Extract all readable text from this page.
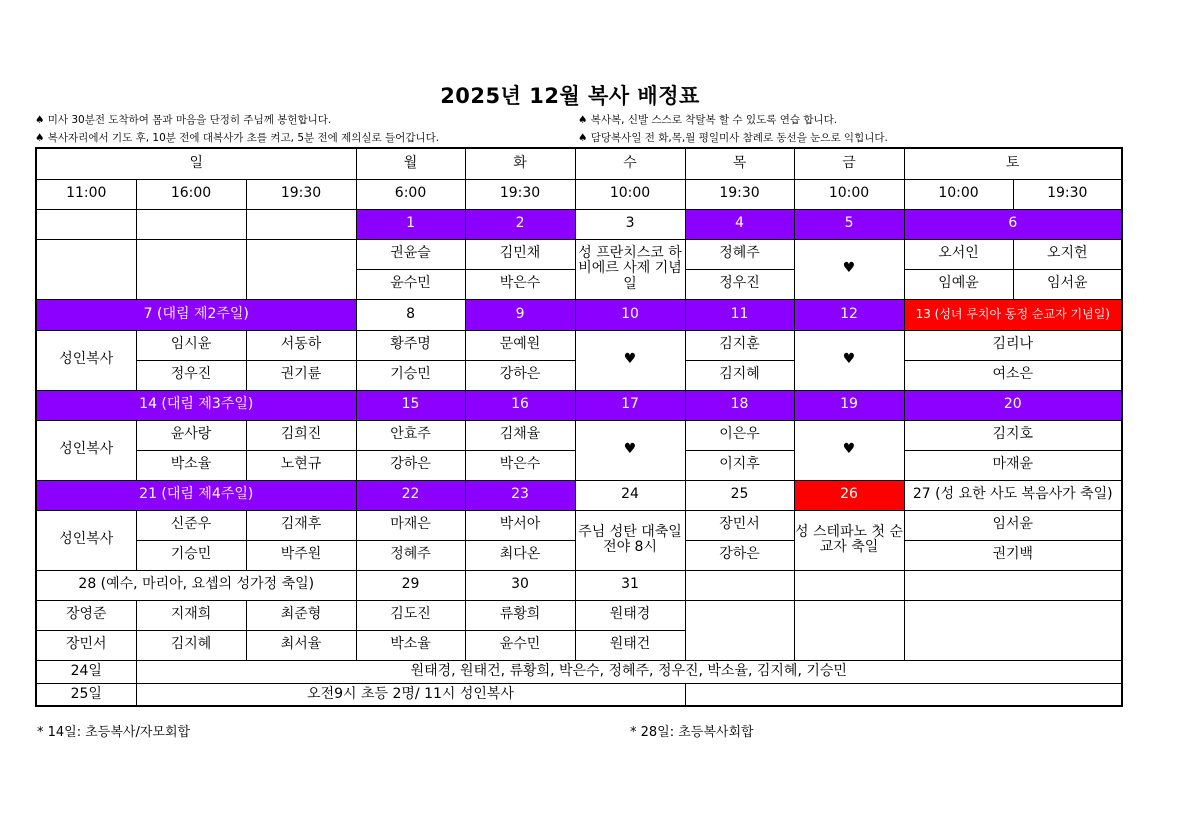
2025년 12월 복사 배정표
♠ 미사 30분전 도착하여 몸과 마음을 단정히 주님께 봉헌합니다.	♠ 복사복, 신발 스스로 착탈복 할 수 있도록 연습 합니다.
♠ 복사자리에서 기도 후, 10분 전에 대복사가 초를 켜고, 5분 전에 제의실로 들어갑니다.	♠ 담당복사일 전 화,목,월 평일미사 참례로 동선을 눈으로 익힙니다.
일			월	화	수	목	금	토	
11:00	16:00	19:30	6:00	19:30	10:00	19:30	10:00	10:00	19:30
			1	2	3	4	5	6	
			권윤슬	김민채	성 프란치스코 하비에르 사제 기념일	정혜주	♥	오서인	오지헌
			윤수민	박은수		정우진		임예윤	임서윤
7 (대림 제2주일)			8	9	10	11	12	13 (성녀 루치아 동정 순교자 기념일)	
성인복사	임시윤	서동하	황주명	문예원	♥	김지훈	♥	김리나	
	정우진	권기륜	기승민	강하은		김지혜		여소은	
14 (대림 제3주일)			15	16	17	18	19	20	
성인복사	윤사랑	김희진	안효주	김채율	♥	이은우	♥	김지호	
	박소율	노현규	강하은	박은수		이지후		마재윤	
21 (대림 제4주일)			22	23	24	25	26	27 (성 요한 사도 복음사가 축일)	
성인복사	신준우	김재후	마재은	박서아	주님 성탄 대축일 전야 8시	장민서	성 스테파노 첫 순교자 축일	임서윤	
	기승민	박주원	정혜주	최다온		강하은		권기백	
28 (예수, 마리아, 요셉의 성가정 축일)			29	30	31				
장영준	지재희	최준형	김도진	류황희	원태경				
장민서	김지혜	최서율	박소율	윤수민	원태건				
24일	원태경, 원태건, 류황희, 박은수, 정혜주, 정우진, 박소율, 김지혜, 기승민								
25일	오전9시 초등 2명/ 11시 성인복사								
* 14일: 초등복사/자모회합	* 28일: 초등복사회합
